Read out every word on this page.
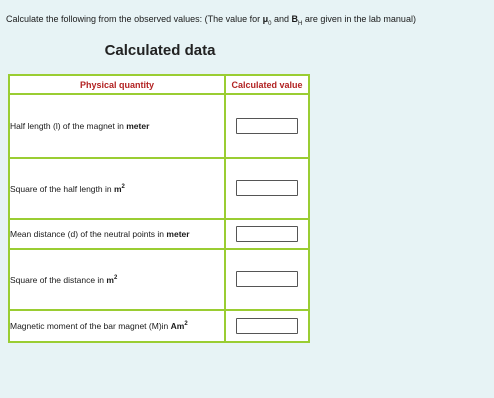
Calculate the following from the observed values: (The value for $\mu_0$ and $B_H$ are given in the lab manual)
Calculated data
Physical quantity	Calculated value
Half length (l) of the magnet in meter	
Square of the half length in $m^2$	
Mean distance (d) of the neutral points in meter	
Square of the distance in $m^2$	
Magnetic moment of the bar magnet (M)in Am$^2$	
